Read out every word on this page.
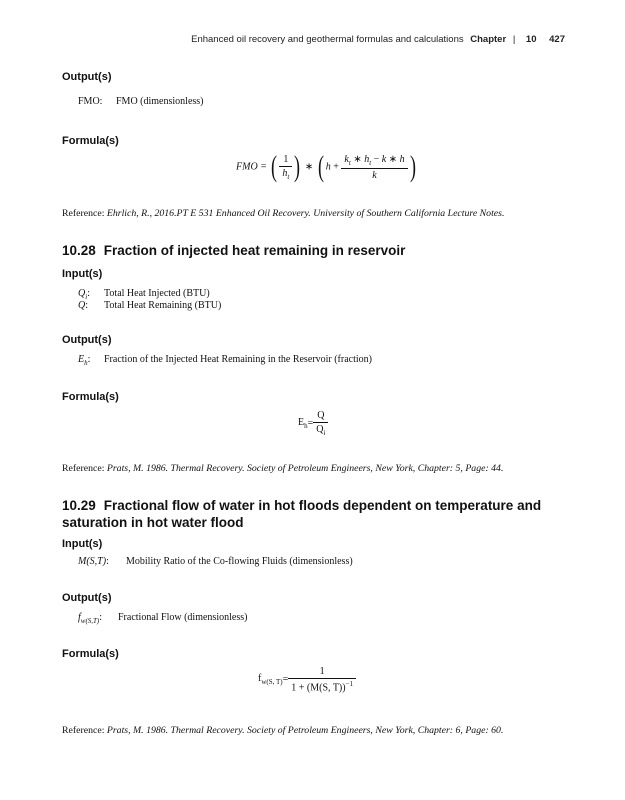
Enhanced oil recovery and geothermal formulas and calculations Chapter | 10 427
Output(s)
FMO: FMO (dimensionless)
Formula(s)
FMO = ( $\frac{1}{h_t}$ ) ∗ ( $h + \frac{k_t ∗ h_t - k ∗ h}{k}$ )
Reference: Ehrlich, R., 2016.PT E 531 Enhanced Oil Recovery. University of Southern California Lecture Notes.
10.28 Fraction of injected heat remaining in reservoir
Input(s)
$Q_i$: Total Heat Injected (BTU)
Q: Total Heat Remaining (BTU)
Output(s)
$E_h$: Fraction of the Injected Heat Remaining in the Reservoir (fraction)
Formula(s)
$E_h= \frac{Q}{Q_i}$
Reference: Prats, M. 1986. Thermal Recovery. Society of Petroleum Engineers, New York, Chapter: 5, Page: 44.
10.29 Fractional flow of water in hot floods dependent on temperature and saturation in hot water flood
Input(s)
M(S,T): Mobility Ratio of the Co-flowing Fluids (dimensionless)
Output(s)
$f_{w(S,T)}$: Fractional Flow (dimensionless)
Formula(s)
$f_{w(S, T)}= \frac{1}{1 + (M(S, T))^{-1}}$
Reference: Prats, M. 1986. Thermal Recovery. Society of Petroleum Engineers, New York, Chapter: 6, Page: 60.
